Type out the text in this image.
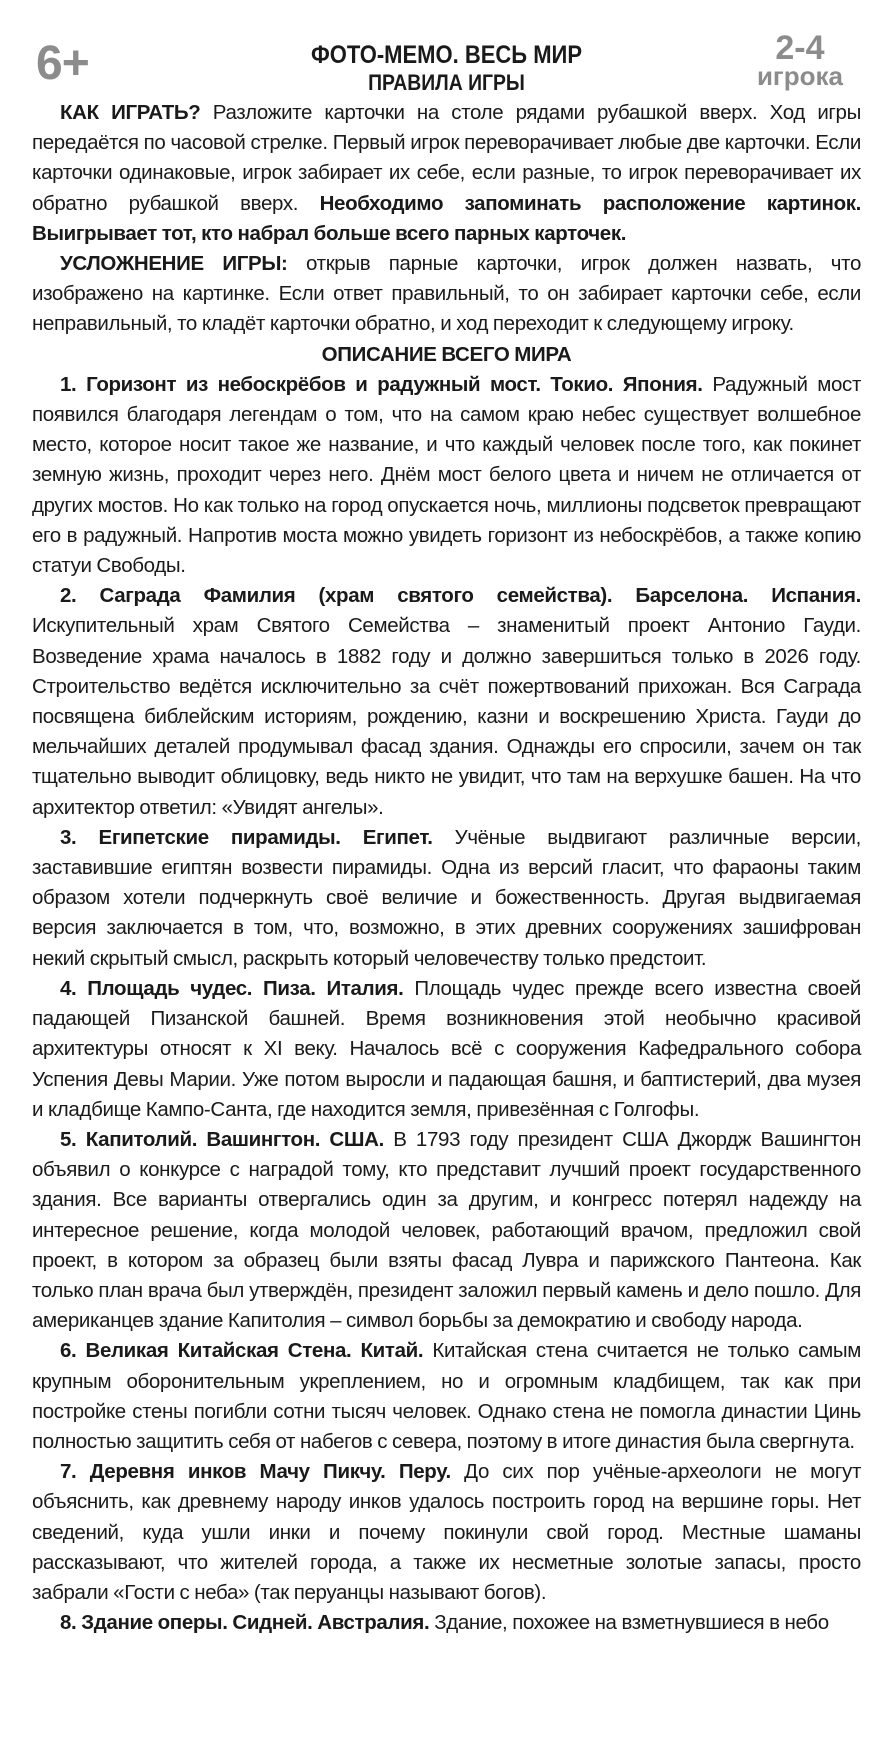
6+	2-4
игрока
ФОТО-МЕМО. ВЕСЬ МИР
ПРАВИЛА ИГРЫ

КАК ИГРАТЬ? Разложите карточки на столе рядами рубашкой вверх. Ход игры передаётся по часовой стрелке. Первый игрок переворачивает любые две карточки. Если карточки одинаковые, игрок забирает их себе, если разные, то игрок переворачивает их обратно рубашкой вверх. Необходимо запоминать расположение картинок. Выигрывает тот, кто набрал больше всего парных карточек.

УСЛОЖНЕНИЕ ИГРЫ: открыв парные карточки, игрок должен назвать, что изображено на картинке. Если ответ правильный, то он забирает карточки себе, если неправильный, то кладёт карточки обратно, и ход переходит к следующему игроку.

ОПИСАНИЕ ВСЕГО МИРА

1. Горизонт из небоскрёбов и радужный мост. Токио. Япония. Радужный мост появился благодаря легендам о том, что на самом краю небес существует волшебное место, которое носит такое же название, и что каждый человек после того, как покинет земную жизнь, проходит через него. Днём мост белого цвета и ничем не отличается от других мостов. Но как только на город опускается ночь, миллионы подсветок превращают его в радужный. Напротив моста можно увидеть горизонт из небоскрёбов, а также копию статуи Свободы.

2. Саграда Фамилия (храм святого семейства). Барселона. Испания. Искупительный храм Святого Семейства – знаменитый проект Антонио Гауди. Возведение храма началось в 1882 году и должно завершиться только в 2026 году. Строительство ведётся исключительно за счёт пожертвований прихожан. Вся Саграда посвящена библейским историям, рождению, казни и воскрешению Христа. Гауди до мельчайших деталей продумывал фасад здания. Однажды его спросили, зачем он так тщательно выводит облицовку, ведь никто не увидит, что там на верхушке башен. На что архитектор ответил: «Увидят ангелы».

3. Египетские пирамиды. Египет. Учёные выдвигают различные версии, заставившие египтян возвести пирамиды. Одна из версий гласит, что фараоны таким образом хотели подчеркнуть своё величие и божественность. Другая выдвигаемая версия заключается в том, что, возможно, в этих древних сооружениях зашифрован некий скрытый смысл, раскрыть который человечеству только предстоит.

4. Площадь чудес. Пиза. Италия. Площадь чудес прежде всего известна своей падающей Пизанской башней. Время возникновения этой необычно красивой архитектуры относят к XI веку. Началось всё с сооружения Кафедрального собора Успения Девы Марии. Уже потом выросли и падающая башня, и баптистерий, два музея и кладбище Кампо-Санта, где находится земля, привезённая с Голгофы.

5. Капитолий. Вашингтон. США. В 1793 году президент США Джордж Вашингтон объявил о конкурсе с наградой тому, кто представит лучший проект государственного здания. Все варианты отвергались один за другим, и конгресс потерял надежду на интересное решение, когда молодой человек, работающий врачом, предложил свой проект, в котором за образец были взяты фасад Лувра и парижского Пантеона. Как только план врача был утверждён, президент заложил первый камень и дело пошло. Для американцев здание Капитолия – символ борьбы за демократию и свободу народа.

6. Великая Китайская Стена. Китай. Китайская стена считается не только самым крупным оборонительным укреплением, но и огромным кладбищем, так как при постройке стены погибли сотни тысяч человек. Однако стена не помогла династии Цинь полностью защитить себя от набегов с севера, поэтому в итоге династия была свергнута.

7. Деревня инков Мачу Пикчу. Перу. До сих пор учёные-археологи не могут объяснить, как древнему народу инков удалось построить город на вершине горы. Нет сведений, куда ушли инки и почему покинули свой город. Местные шаманы рассказывают, что жителей города, а также их несметные золотые запасы, просто забрали «Гости с неба» (так перуанцы называют богов).

8. Здание оперы. Сидней. Австралия. Здание, похожее на взметнувшиеся в небо
